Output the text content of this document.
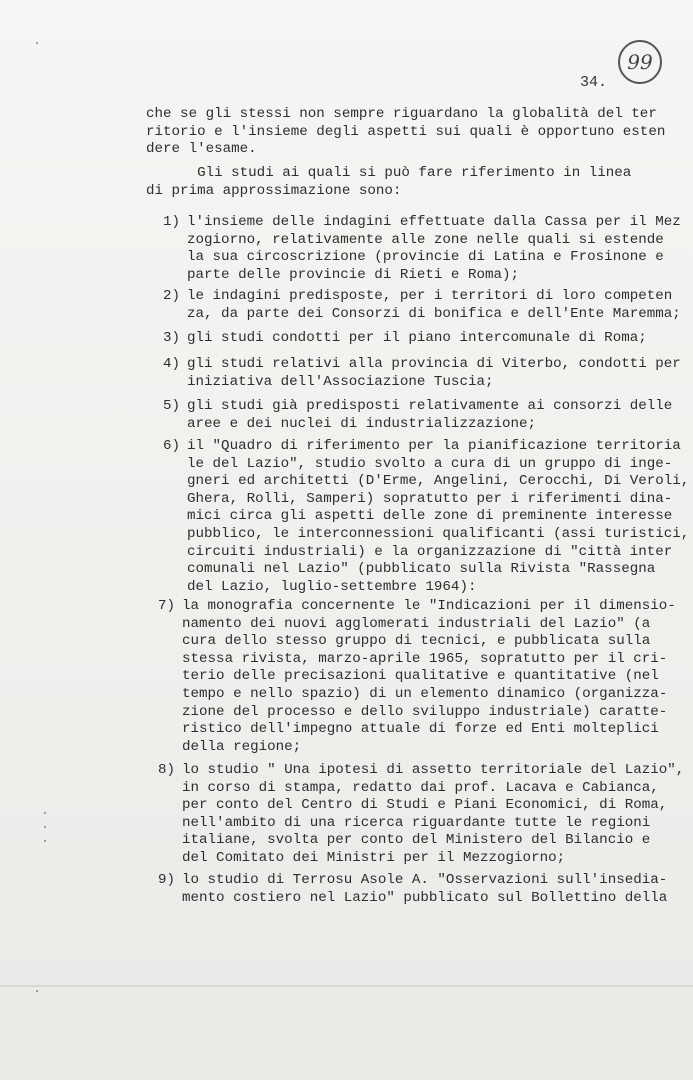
99
34.
che se gli stessi non sempre riguardano la globalità del ter
ritorio e l'insieme degli aspetti sui quali è opportuno esten
dere l'esame.
Gli studi ai quali si può fare riferimento in linea
di prima approssimazione sono:
1) l'insieme delle indagini effettuate dalla Cassa per il Mez
zogiorno, relativamente alle zone nelle quali si estende
la sua circoscrizione (provincie di Latina e Frosinone e
parte delle provincie di Rieti e Roma);
2) le indagini predisposte, per i territori di loro competen
za, da parte dei Consorzi di bonifica e dell'Ente Maremma;
3) gli studi condotti per il piano intercomunale di Roma;
4) gli studi relativi alla provincia di Viterbo, condotti per
iniziativa dell'Associazione Tuscia;
5) gli studi già predisposti relativamente ai consorzi delle
aree e dei nuclei di industrializzazione;
6) il "Quadro di riferimento per la pianificazione territoria
le del Lazio", studio svolto a cura di un gruppo di inge-
gneri ed architetti (D'Erme, Angelini, Cerocchi, Di Veroli,
Ghera, Rolli, Samperi) sopratutto per i riferimenti dina-
mici circa gli aspetti delle zone di preminente interesse
pubblico, le interconnessioni qualificanti (assi turistici,
circuiti industriali) e la organizzazione di "città inter
comunali nel Lazio" (pubblicato sulla Rivista "Rassegna
del Lazio, luglio-settembre 1964):
7) la monografia concernente le "Indicazioni per il dimensio-
namento dei nuovi agglomerati industriali del Lazio" (a
cura dello stesso gruppo di tecnici, e pubblicata sulla
stessa rivista, marzo-aprile 1965, sopratutto per il cri-
terio delle precisazioni qualitative e quantitative (nel
tempo e nello spazio) di un elemento dinamico (organizza-
zione del processo e dello sviluppo industriale) caratte-
ristico dell'impegno attuale di forze ed Enti molteplici
della regione;
8) lo studio " Una ipotesi di assetto territoriale del Lazio",
in corso di stampa, redatto dai prof. Lacava e Cabianca,
per conto del Centro di Studi e Piani Economici, di Roma,
nell'ambito di una ricerca riguardante tutte le regioni
italiane, svolta per conto del Ministero del Bilancio e
del Comitato dei Ministri per il Mezzogiorno;
9) lo studio di Terrosu Asole A. "Osservazioni sull'insedia-
mento costiero nel Lazio" pubblicato sul Bollettino della
